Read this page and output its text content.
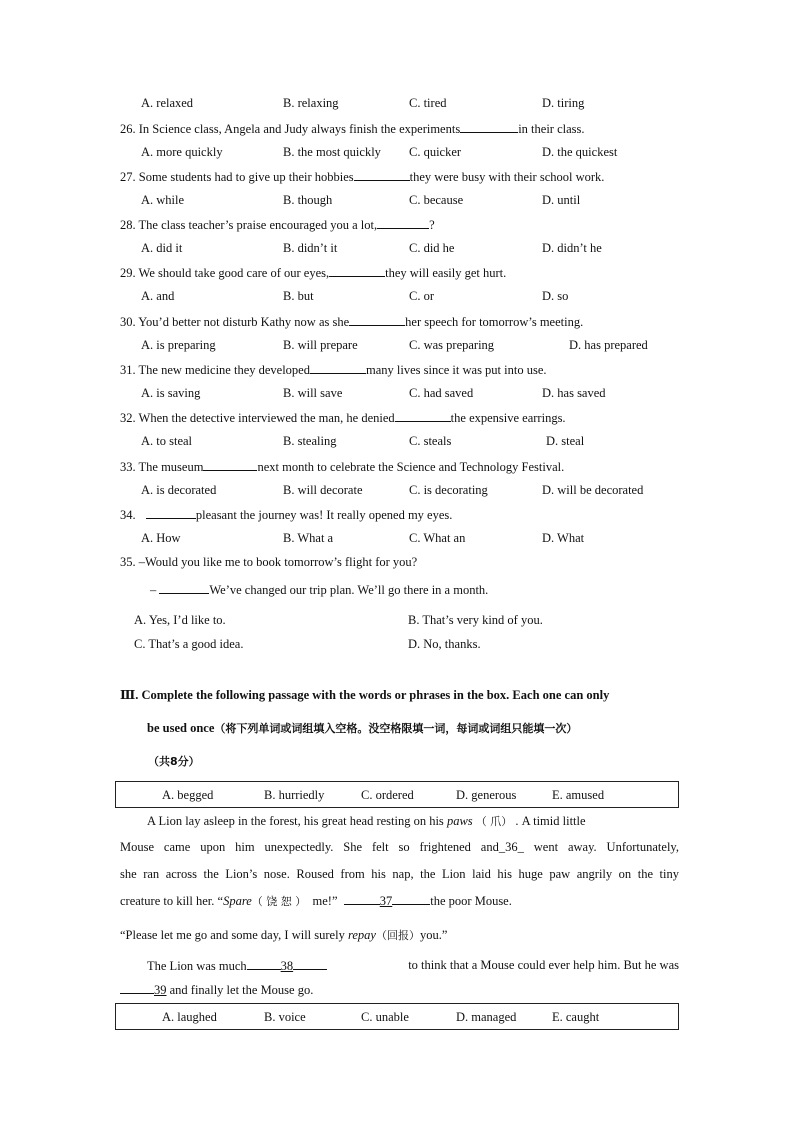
A. relaxed	B. relaxing	C. tired	D. tiring
26. In Science class, Angela and Judy always finish the experiments	in their class.
A. more quickly	B. the most quickly C. quicker	D. the quickest
27. Some students had to give up their hobbies	they were busy with their school work.
A. while	B. though	C. because	D. until
28. The class teacher’s praise encouraged you a lot,	?
A. did it	B. didn’t it	C. did he	D. didn’t he
29. We should take good care of our eyes,	they will easily get hurt.
A. and	B. but	C. or	D. so
30. You’d better not disturb Kathy now as she	her speech for tomorrow’s meeting.
A. is preparing	B. will prepare	C. was preparing	D. has prepared
31. The new medicine they developed	many lives since it was put into use.
A. is saving	B. will save	C. had saved	D. has saved
32. When the detective interviewed the man, he denied	the expensive earrings.
A. to steal	B. stealing	C. steals	D. steal
33. The museum	next month to celebrate the Science and Technology Festival.
A. is decorated	B. will decorate	C. is decorating	D. will be decorated
34.	pleasant the journey was! It really opened my eyes.
A. How	B. What a	C. What an	D. What
35. –Would you like me to book tomorrow’s flight for you?
–	We’ve changed our trip plan. We’ll go there in a month.
A. Yes, I’d like to.	B. That’s very kind of you.
C. That’s a good idea.	D. No, thanks.
Ⅲ. Complete the following passage with the words or phrases in the box. Each one can only
be used once（将下列单词或词组填入空格。没空格限填一词，每词或词组只能填一次）
（共8分）
A. begged	B. hurriedly	C. ordered	D. generous	E. amused
A Lion lay asleep in the forest, his great head resting on his paws （ 爪） . A timid little
Mouse came upon him unexpectedly. She felt so frightened and_36_ went away. Unfortunately,
she ran across the Lion’s nose. Roused from his nap, the Lion laid his huge paw angrily on the tiny
creature to kill her. “Spare（ 饶 恕 ）  me!”	37	the poor Mouse.
“Please let me go and some day, I will surely repay（回报）you.”
The Lion was much	38	to think that a Mouse could ever help him. But he was
39 and finally let the Mouse go.
A. laughed	B. voice	C. unable	D. managed	E. caught
